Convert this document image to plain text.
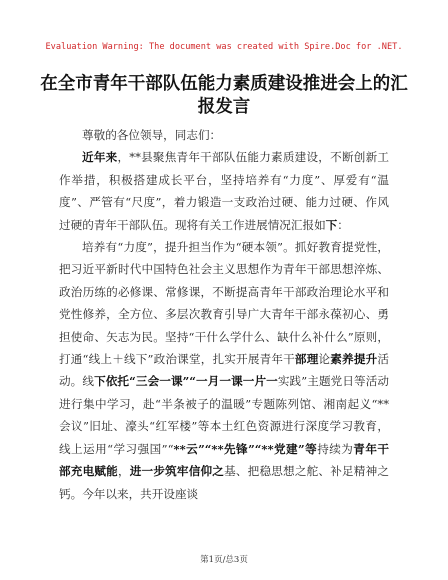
Evaluation Warning: The document was created with Spire.Doc for .NET.
在全市青年干部队伍能力素质建设推进会上的汇报发言

尊敬的各位领导，同志们：

近年来，**县聚焦青年干部队伍能力素质建设，不断创新工作举措，积极搭建成长平台，坚持培养有“力度”、厚爱有“温度”、严管有“尺度”，着力锻造一支政治过硬、能力过硬、作风过硬的青年干部队伍。现将有关工作进展情况汇报如下：

培养有“力度”，提升担当作为“硬本领”。抓好教育提党性，把习近平新时代中国特色社会主义思想作为青年干部思想淬炼、政治历练的必修课、常修课，不断提高青年干部政治理论水平和党性修养，全方位、多层次教育引导广大青年干部永葆初心、勇担使命、矢志为民。坚持“干什么学什么、缺什么补什么”原则，打通“线上＋线下”政治课堂，扎实开展青年干部理论素养提升活动。线下依托“三会一课”“一月一课一片一实践”主题党日等活动进行集中学习，赴“半条被子的温暖”专题陈列馆、湘南起义“**会议”旧址、濠头“红军楼”等本土红色资源进行深度学习教育，线上运用“学习强国”“**云”“**先锋”“**党建”等持续为青年干部充电赋能，进一步筑牢信仰之基、把稳思想之舵、补足精神之钙。今年以来，共开设座谈

第1页/总3页
